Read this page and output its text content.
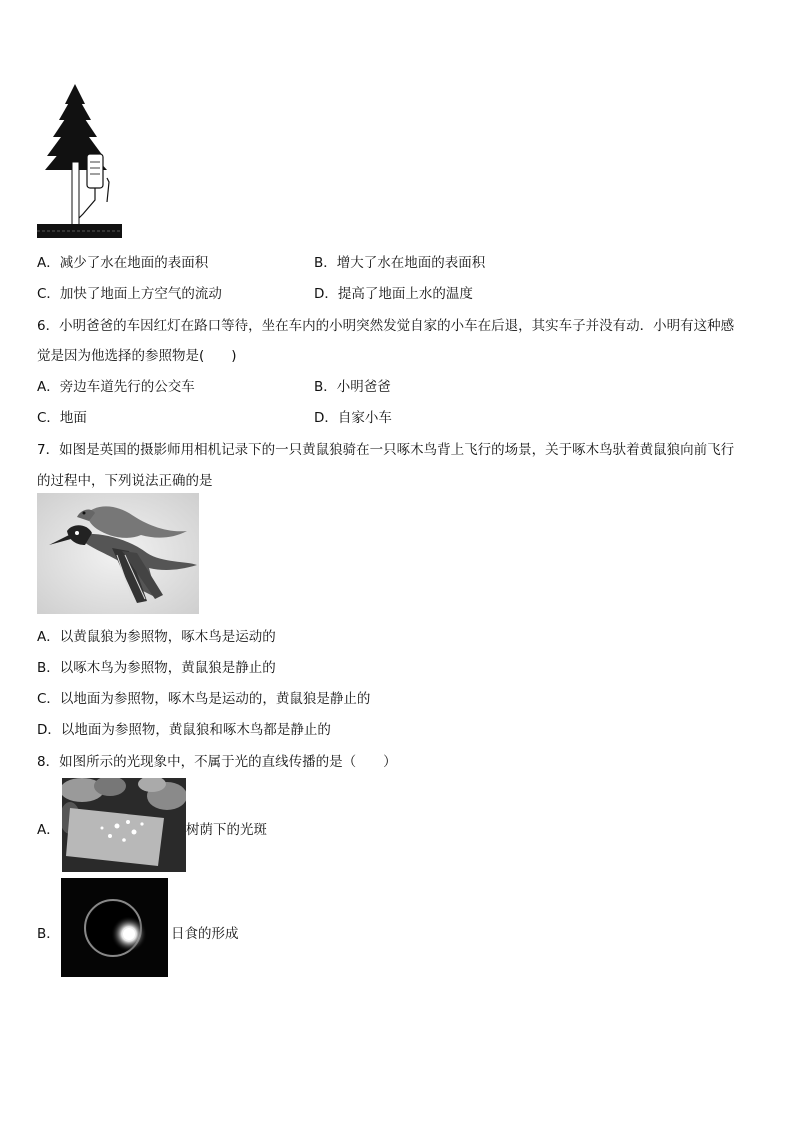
A．减少了水在地面的表面积	B．增大了水在地面的表面积
C．加快了地面上方空气的流动	D．提高了地面上水的温度
6．小明爸爸的车因红灯在路口等待，坐在车内的小明突然发觉自家的小车在后退，其实车子并没有动．小明有这种感
觉是因为他选择的参照物是(　　)
A．旁边车道先行的公交车	B．小明爸爸
C．地面	D．自家小车
7．如图是英国的摄影师用相机记录下的一只黄鼠狼骑在一只啄木鸟背上飞行的场景，关于啄木鸟驮着黄鼠狼向前飞行
的过程中，下列说法正确的是
A．以黄鼠狼为参照物，啄木鸟是运动的
B．以啄木鸟为参照物，黄鼠狼是静止的
C．以地面为参照物，啄木鸟是运动的，黄鼠狼是静止的
D．以地面为参照物，黄鼠狼和啄木鸟都是静止的
8．如图所示的光现象中，不属于光的直线传播的是（　　）
A．	树荫下的光斑
B．	日食的形成
